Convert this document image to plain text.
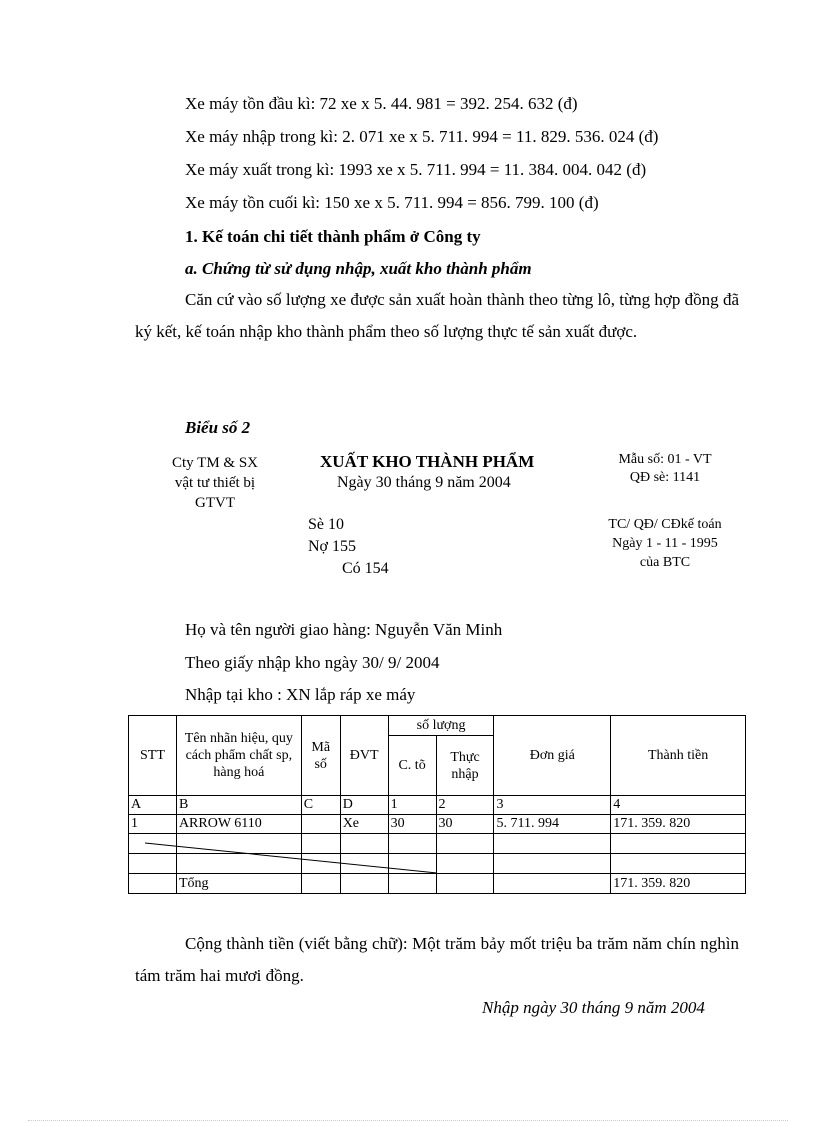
Xe máy tồn đầu kì: 72 xe x 5. 44. 981 = 392. 254. 632 (đ)
Xe máy nhập trong kì: 2. 071 xe x 5. 711. 994 = 11. 829. 536. 024 (đ)
Xe máy xuất trong kì: 1993 xe x 5. 711. 994 = 11. 384. 004. 042 (đ)
Xe máy tồn cuối kì: 150 xe x 5. 711. 994 = 856. 799. 100 (đ)
1. Kế toán chi tiết thành phẩm ở Công ty
a. Chứng từ sử dụng nhập, xuất kho thành phẩm
Căn cứ vào số lượng xe được sản xuất hoàn thành theo từng lô, từng hợp đồng đã ký kết, kế toán nhập kho thành phẩm theo số lượng thực tế sản xuất được.
Biểu số 2
Cty TM & SX
vật tư thiết bị
GTVT
XUẤT KHO THÀNH PHẨM
Ngày 30 tháng 9 năm 2004
Sè 10
Nợ 155
Có 154
Mẫu số: 01 - VT
QĐ sè: 1141
TC/ QĐ/ CĐkế toán
Ngày 1 - 11 - 1995
của BTC
Họ và tên người giao hàng: Nguyễn Văn Minh
Theo giấy nhập kho ngày 30/ 9/ 2004
Nhập tại kho : XN lắp ráp xe máy
STT	Tên nhãn hiệu, quy cách phẩm chất sp, hàng hoá	Mã số	ĐVT	số lượng		Đơn giá	Thành tiền
				C. tõ	Thực nhập		
A	B	C	D	1	2	3	4
1	ARROW 6110		Xe	30	30	5. 711. 994	171. 359. 820

	Tổng						171. 359. 820
Cộng thành tiền (viết bằng chữ): Một trăm bảy mốt triệu ba trăm năm chín nghìn tám trăm hai mươi đồng.
Nhập ngày 30 tháng 9 năm 2004
